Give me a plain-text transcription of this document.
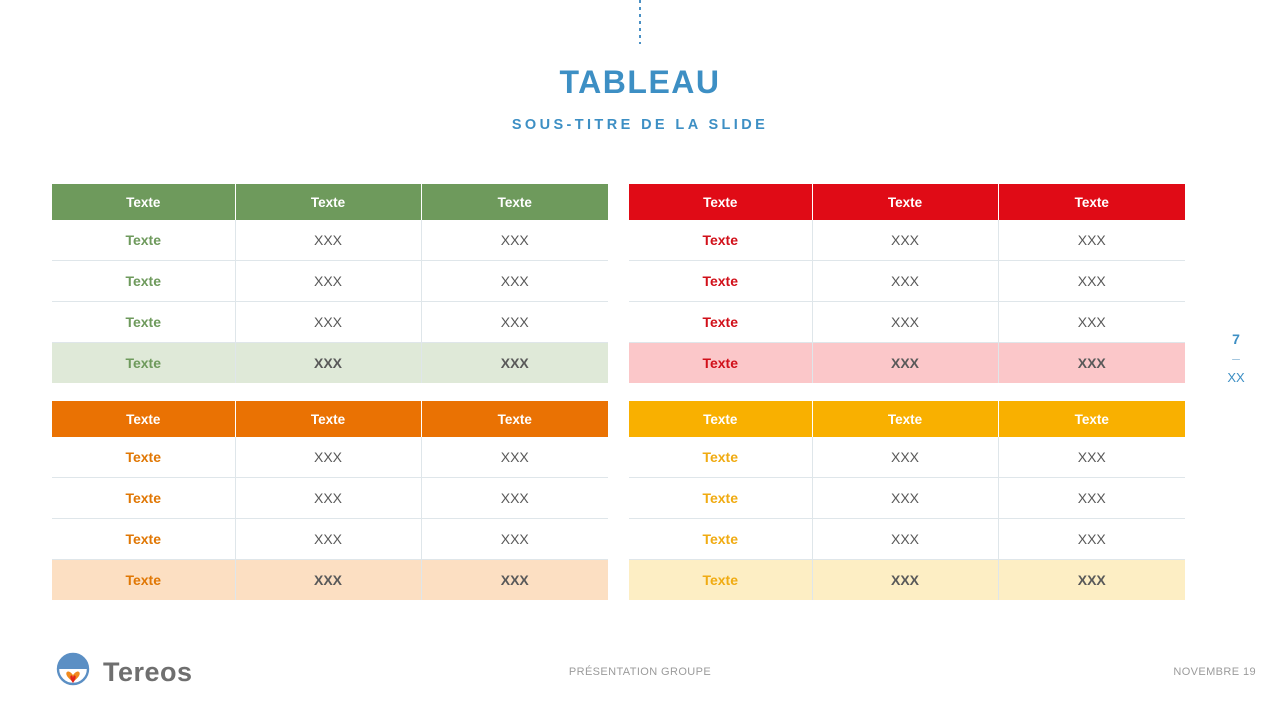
TABLEAU
SOUS-TITRE DE LA SLIDE
Texte	Texte	Texte
Texte	XXX	XXX
Texte	XXX	XXX
Texte	XXX	XXX
Texte	XXX	XXX
Texte	Texte	Texte
Texte	XXX	XXX
Texte	XXX	XXX
Texte	XXX	XXX
Texte	XXX	XXX
Texte	Texte	Texte
Texte	XXX	XXX
Texte	XXX	XXX
Texte	XXX	XXX
Texte	XXX	XXX
Texte	Texte	Texte
Texte	XXX	XXX
Texte	XXX	XXX
Texte	XXX	XXX
Texte	XXX	XXX
7
–
XX
PRÉSENTATION GROUPE	NOVEMBRE 19
Tereos
